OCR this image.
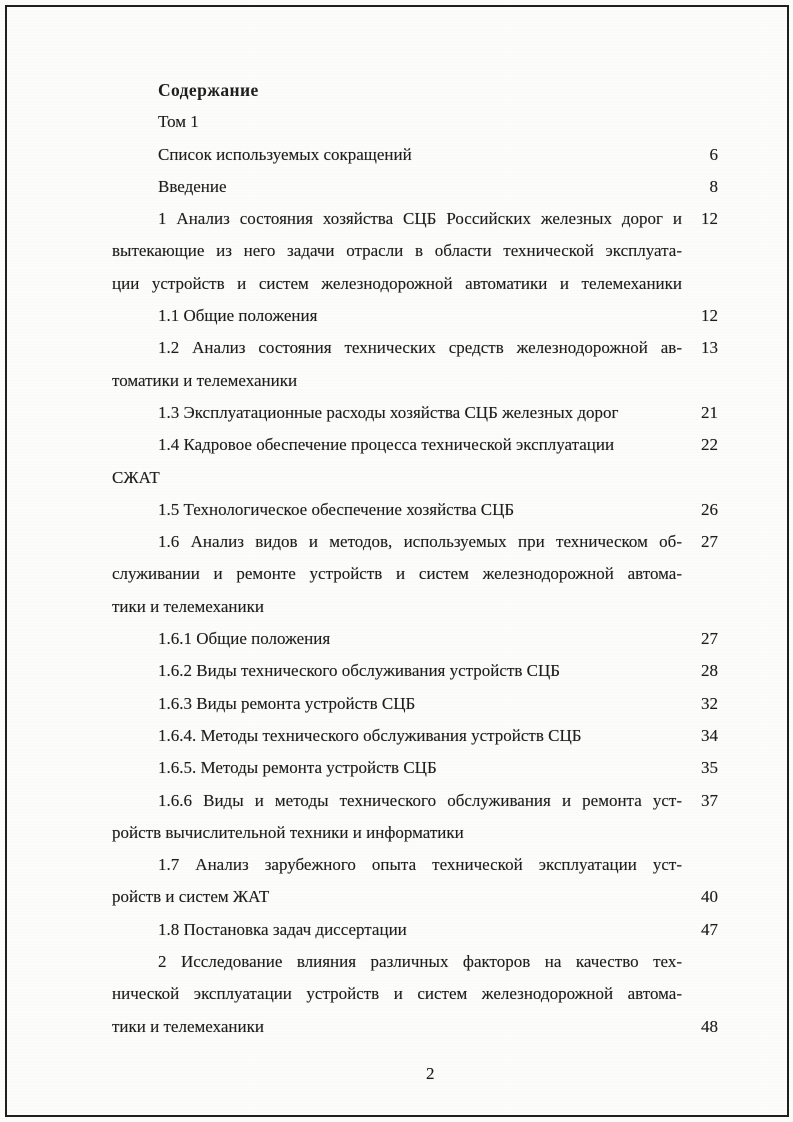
Содержание
Том 1
Список используемых сокращений	6
Введение	8
1 Анализ состояния хозяйства СЦБ Российских железных дорог и	12
вытекающие из него задачи отрасли в области технической эксплуата-
ции устройств и систем железнодорожной автоматики и телемеханики
1.1 Общие положения	12
1.2 Анализ состояния технических средств железнодорожной ав-	13
томатики и телемеханики
1.3 Эксплуатационные расходы хозяйства СЦБ железных дорог	21
1.4 Кадровое обеспечение процесса технической эксплуатации	22
СЖАТ
1.5 Технологическое обеспечение хозяйства СЦБ	26
1.6 Анализ видов и методов, используемых при техническом об-	27
служивании и ремонте устройств и систем железнодорожной автома-
тики и телемеханики
1.6.1 Общие положения	27
1.6.2 Виды технического обслуживания устройств СЦБ	28
1.6.3 Виды ремонта устройств СЦБ	32
1.6.4. Методы технического обслуживания устройств СЦБ	34
1.6.5. Методы ремонта устройств СЦБ	35
1.6.6 Виды и методы технического обслуживания и ремонта уст-	37
ройств вычислительной техники и информатики
1.7 Анализ зарубежного опыта технической эксплуатации уст-
ройств и систем ЖАТ	40
1.8 Постановка задач диссертации	47
2 Исследование влияния различных факторов на качество тех-
нической эксплуатации устройств и систем железнодорожной автома-
тики и телемеханики	48
2
